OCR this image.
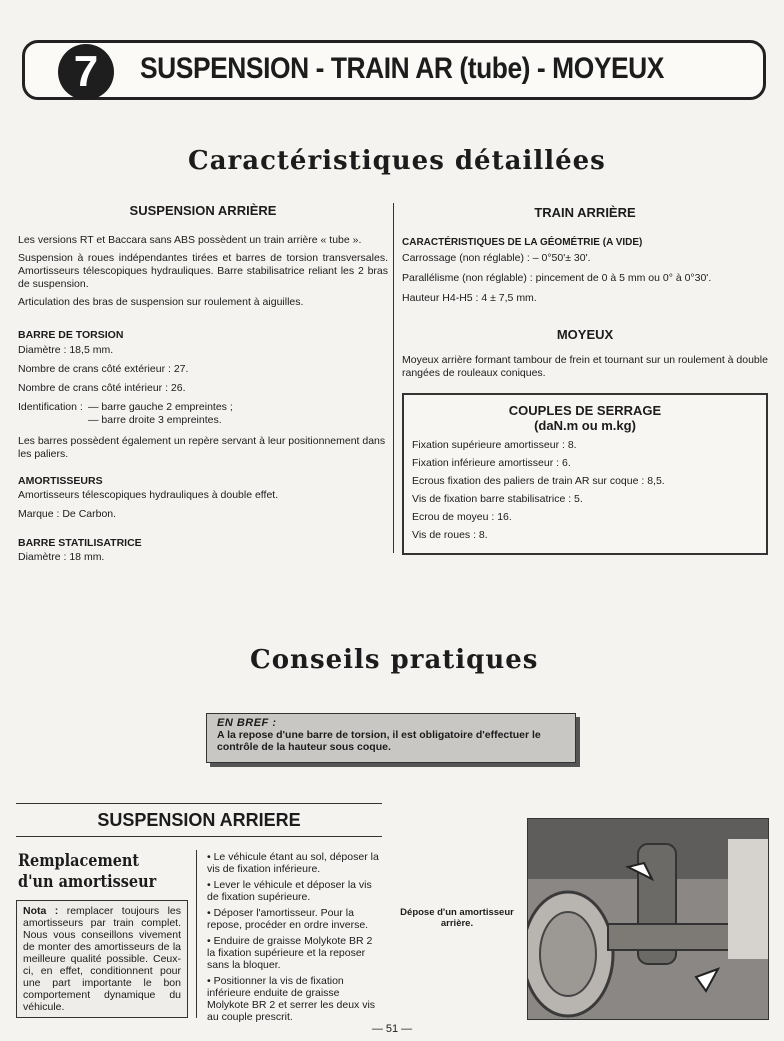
7	SUSPENSION - TRAIN AR (tube) - MOYEUX
Caractéristiques détaillées
SUSPENSION ARRIÈRE
Les versions RT et Baccara sans ABS possèdent un train arrière « tube ».
Suspension à roues indépendantes tirées et barres de torsion transversales. Amortisseurs télescopiques hydrauliques. Barre stabilisatrice reliant les 2 bras de suspension.
Articulation des bras de suspension sur roulement à aiguilles.
BARRE DE TORSION
Diamètre : 18,5 mm.
Nombre de crans côté extérieur : 27.
Nombre de crans côté intérieur : 26.
Identification : — barre gauche 2 empreintes ;
— barre droite 3 empreintes.
Les barres possèdent également un repère servant à leur positionnement dans les paliers.
AMORTISSEURS
Amortisseurs télescopiques hydrauliques à double effet.
Marque : De Carbon.
BARRE STATILISATRICE
Diamètre : 18 mm.
TRAIN ARRIÈRE
CARACTÉRISTIQUES DE LA GÉOMÉTRIE (A VIDE)
Carrossage (non réglable) : – 0°50'± 30'.
Parallélisme (non réglable) : pincement de 0 à 5 mm ou 0° à 0°30'.
Hauteur H4-H5 : 4 ± 7,5 mm.
MOYEUX
Moyeux arrière formant tambour de frein et tournant sur un roulement à double rangées de rouleaux coniques.
COUPLES DE SERRAGE
(daN.m ou m.kg)
Fixation supérieure amortisseur : 8.
Fixation inférieure amortisseur : 6.
Ecrous fixation des paliers de train AR sur coque : 8,5.
Vis de fixation barre stabilisatrice : 5.
Ecrou de moyeu : 16.
Vis de roues : 8.
Conseils pratiques
EN BREF :
A la repose d'une barre de torsion, il est obligatoire d'effectuer le contrôle de la hauteur sous coque.
SUSPENSION ARRIERE
Remplacement
d'un amortisseur
Nota : remplacer toujours les amortisseurs par train complet. Nous vous conseillons vivement de monter des amortisseurs de la meilleure qualité possible. Ceux-ci, en effet, conditionnent pour une part importante le bon comportement dynamique du véhicule.
• Le véhicule étant au sol, déposer la vis de fixation inférieure.
• Lever le véhicule et déposer la vis de fixation supérieure.
• Déposer l'amortisseur. Pour la repose, procéder en ordre inverse.
• Enduire de graisse Molykote BR 2 la fixation supérieure et la reposer sans la bloquer.
• Positionner la vis de fixation inférieure enduite de graisse Molykote BR 2 et serrer les deux vis au couple prescrit.
Dépose d'un amortisseur arrière.
— 51 —
